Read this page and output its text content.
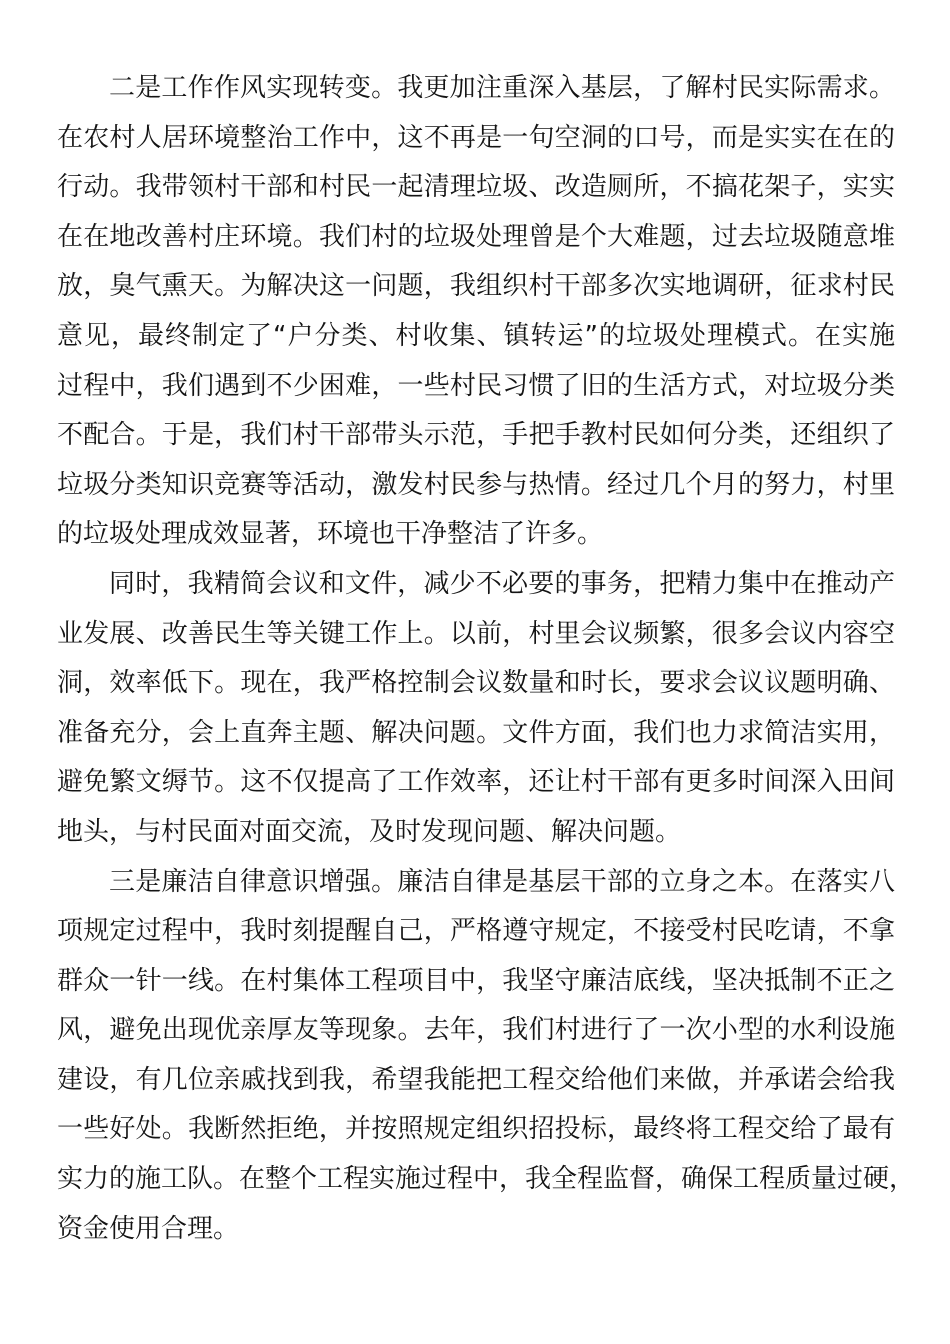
二是工作作风实现转变。我更加注重深入基层，了解村民实际需求。
在农村人居环境整治工作中，这不再是一句空洞的口号，而是实实在在的
行动。我带领村干部和村民一起清理垃圾、改造厕所，不搞花架子，实实
在在地改善村庄环境。我们村的垃圾处理曾是个大难题，过去垃圾随意堆
放，臭气熏天。为解决这一问题，我组织村干部多次实地调研，征求村民
意见，最终制定了“户分类、村收集、镇转运”的垃圾处理模式。在实施
过程中，我们遇到不少困难，一些村民习惯了旧的生活方式，对垃圾分类
不配合。于是，我们村干部带头示范，手把手教村民如何分类，还组织了
垃圾分类知识竞赛等活动，激发村民参与热情。经过几个月的努力，村里
的垃圾处理成效显著，环境也干净整洁了许多。
同时，我精简会议和文件，减少不必要的事务，把精力集中在推动产
业发展、改善民生等关键工作上。以前，村里会议频繁，很多会议内容空
洞，效率低下。现在，我严格控制会议数量和时长，要求会议议题明确、
准备充分，会上直奔主题、解决问题。文件方面，我们也力求简洁实用，
避免繁文缛节。这不仅提高了工作效率，还让村干部有更多时间深入田间
地头，与村民面对面交流，及时发现问题、解决问题。
三是廉洁自律意识增强。廉洁自律是基层干部的立身之本。在落实八
项规定过程中，我时刻提醒自己，严格遵守规定，不接受村民吃请，不拿
群众一针一线。在村集体工程项目中，我坚守廉洁底线，坚决抵制不正之
风，避免出现优亲厚友等现象。去年，我们村进行了一次小型的水利设施
建设，有几位亲戚找到我，希望我能把工程交给他们来做，并承诺会给我
一些好处。我断然拒绝，并按照规定组织招投标，最终将工程交给了最有
实力的施工队。在整个工程实施过程中，我全程监督，确保工程质量过硬，
资金使用合理。
